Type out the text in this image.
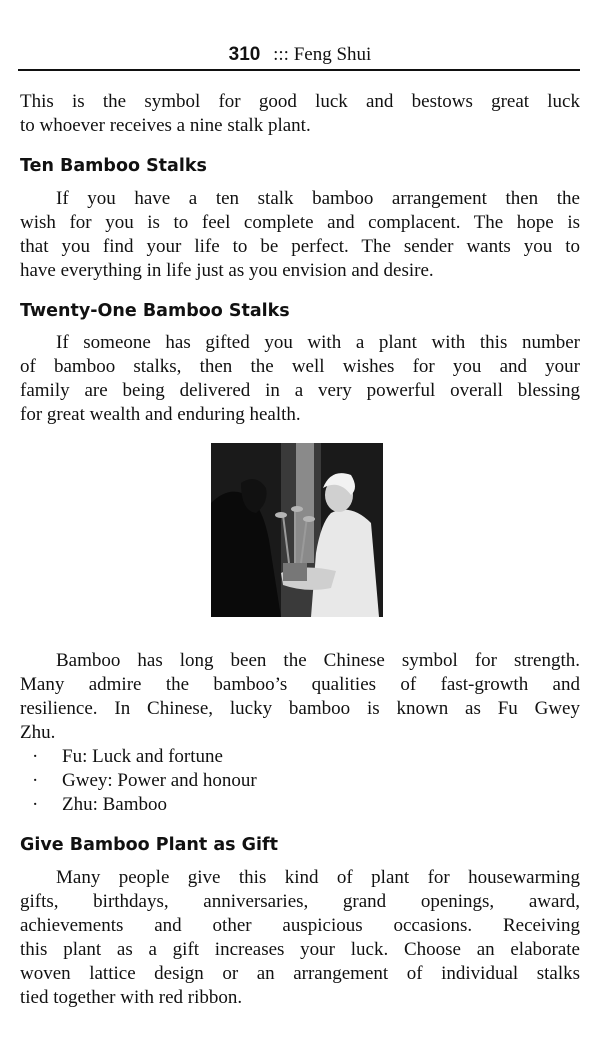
310 ::: Feng Shui
This is the symbol for good luck and bestows great luck
to whoever receives a nine stalk plant.
Ten Bamboo Stalks
If you have a ten stalk bamboo arrangement then the
wish for you is to feel complete and complacent. The hope is
that you find your life to be perfect. The sender wants you to
have everything in life just as you envision and desire.
Twenty-One Bamboo Stalks
If someone has gifted you with a plant with this number
of bamboo stalks, then the well wishes for you and your
family are being delivered in a very powerful overall blessing
for great wealth and enduring health.
Bamboo has long been the Chinese symbol for strength.
Many admire the bamboo’s qualities of fast-growth and
resilience. In Chinese, lucky bamboo is known as Fu Gwey
Zhu.
· Fu: Luck and fortune
· Gwey: Power and honour
· Zhu: Bamboo
Give Bamboo Plant as Gift
Many people give this kind of plant for housewarming
gifts, birthdays, anniversaries, grand openings, award,
achievements and other auspicious occasions. Receiving
this plant as a gift increases your luck. Choose an elaborate
woven lattice design or an arrangement of individual stalks
tied together with red ribbon.
